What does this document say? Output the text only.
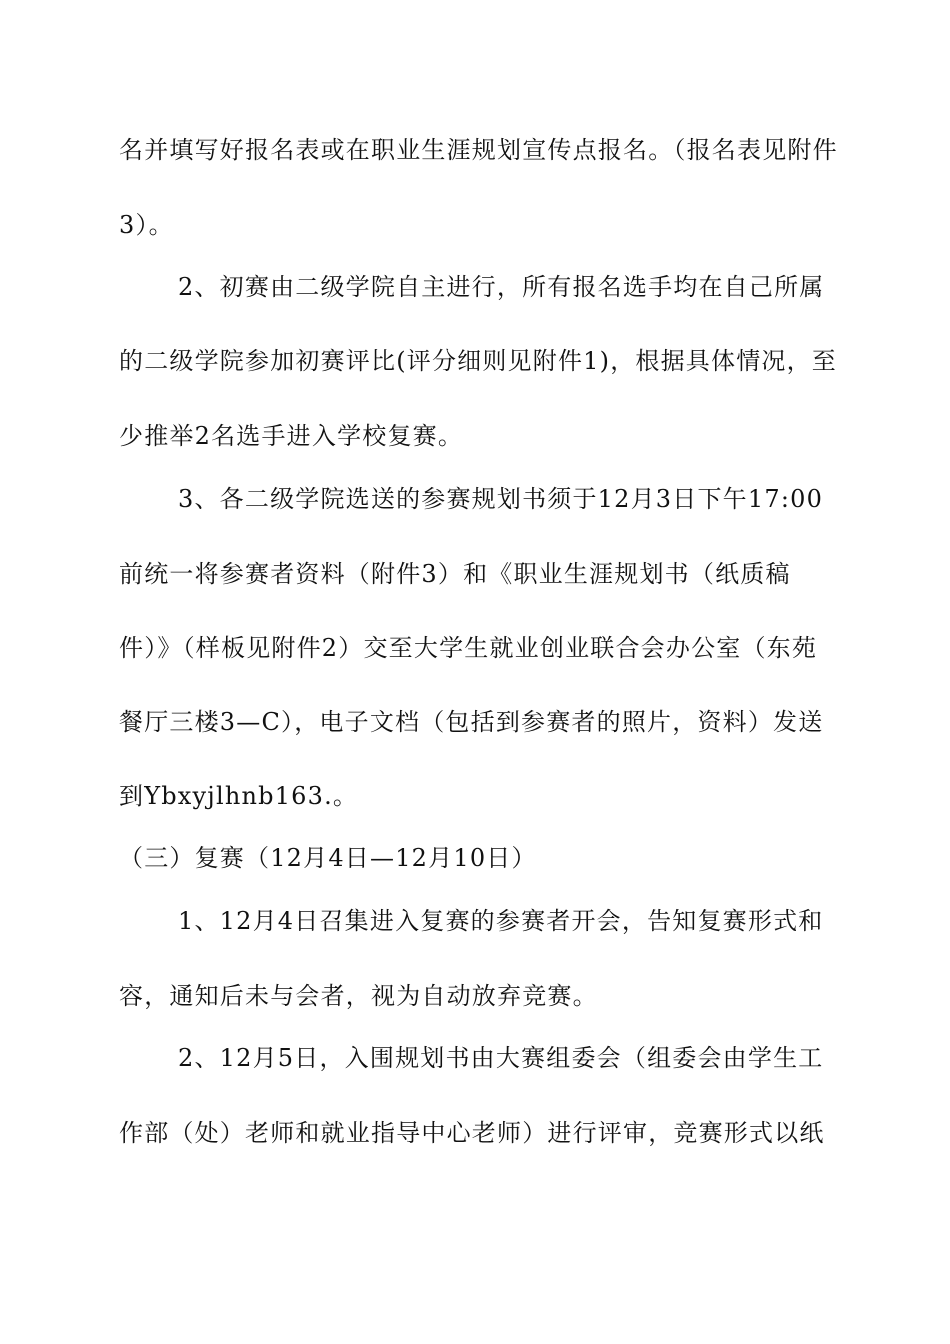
名并填写好报名表或在职业生涯规划宣传点报名。（报名表见附件
3）。
2、初赛由二级学院自主进行，所有报名选手均在自己所属
的二级学院参加初赛评比(评分细则见附件1)，根据具体情况，至
少推举2名选手进入学校复赛。
3、各二级学院选送的参赛规划书须于12月3日下午17:00
前统一将参赛者资料（附件3）和《职业生涯规划书（纸质稿
件）》（样板见附件2）交至大学生就业创业联合会办公室（东苑
餐厅三楼3—C），电子文档（包括到参赛者的照片，资料）发送
到Ybxyjlhnb163.。
（三）复赛（12月4日—12月10日）
1、12月4日召集进入复赛的参赛者开会，告知复赛形式和
容，通知后未与会者，视为自动放弃竞赛。
2、12月5日，入围规划书由大赛组委会（组委会由学生工
作部（处）老师和就业指导中心老师）进行评审，竞赛形式以纸
